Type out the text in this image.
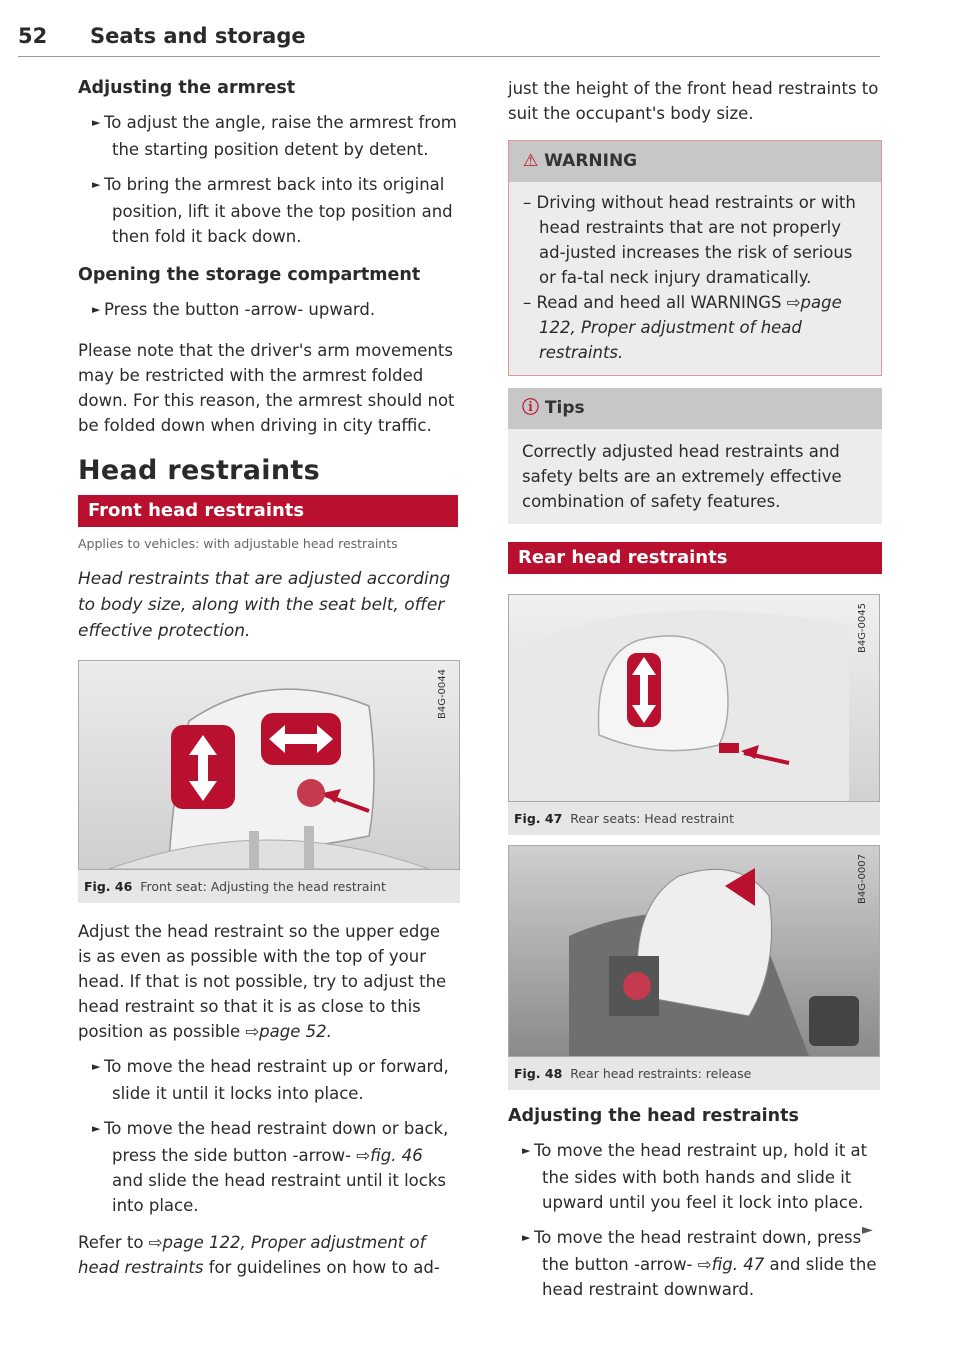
52 Seats and storage
Adjusting the armrest

► To adjust the angle, raise the armrest from the starting position detent by detent.

► To bring the armrest back into its original position, lift it above the top position and then fold it back down.

Opening the storage compartment

► Press the button -arrow- upward.

Please note that the driver's arm movements may be restricted with the armrest folded down. For this reason, the armrest should not be folded down when driving in city traffic.

Head restraints
Front head restraints
Applies to vehicles: with adjustable head restraints
Head restraints that are adjusted according to body size, along with the seat belt, offer effective protection.
B4G-0044
Fig. 46 Front seat: Adjusting the head restraint

Adjust the head restraint so the upper edge is as even as possible with the top of your head. If that is not possible, try to adjust the head restraint so that it is as close to this position as possible ⇨page 52.

► To move the head restraint up or forward, slide it until it locks into place.

► To move the head restraint down or back, press the side button -arrow- ⇨fig. 46 and slide the head restraint until it locks into place.

Refer to ⇨page 122, Proper adjustment of head restraints for guidelines on how to ad-

just the height of the front head restraints to suit the occupant's body size.

⚠ WARNING

– Driving without head restraints or with head restraints that are not properly ad-justed increases the risk of serious or fa-tal neck injury dramatically.

– Read and heed all WARNINGS ⇨page 122, Proper adjustment of head restraints.

ⓘ Tips
Correctly adjusted head restraints and safety belts are an extremely effective combination of safety features.
Rear head restraints
B4G-0045
Fig. 47 Rear seats: Head restraint
B4G-0007
Fig. 48 Rear head restraints: release
Adjusting the head restraints

► To move the head restraint up, hold it at the sides with both hands and slide it upward until you feel it lock into place.

► To move the head restraint down, press the button -arrow- ⇨fig. 47 and slide the head restraint downward.

►
